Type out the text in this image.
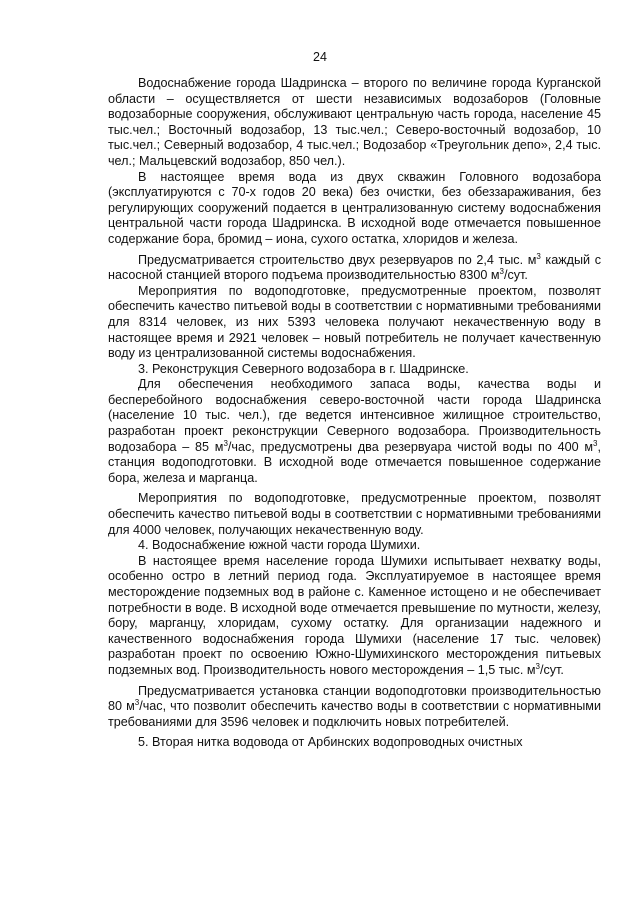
24

Водоснабжение города Шадринска – второго по величине города Курганской области – осуществляется от шести независимых водозаборов (Головные водозаборные сооружения, обслуживают центральную часть города, население 45 тыс.чел.; Восточный водозабор, 13 тыс.чел.; Северо-восточный водозабор, 10 тыс.чел.; Северный водозабор, 4 тыс.чел.; Водозабор «Треугольник депо», 2,4 тыс. чел.; Мальцевский водозабор, 850 чел.).

В настоящее время вода из двух скважин Головного водозабора (эксплуатируются с 70-х годов 20 века) без очистки, без обеззараживания, без регулирующих сооружений подается в централизованную систему водоснабжения центральной части города Шадринска. В исходной воде отмечается повышенное содержание бора, бромид – иона, сухого остатка, хлоридов и железа.

Предусматривается строительство двух резервуаров по 2,4 тыс. $м^3$ каждый с насосной станцией второго подъема производительностью 8300 $м^3$/сут.

Мероприятия по водоподготовке, предусмотренные проектом, позволят обеспечить качество питьевой воды в соответствии с нормативными требованиями для 8314 человек, из них 5393 человека получают некачественную воду в настоящее время и 2921 человек – новый потребитель не получает качественную воду из централизованной системы водоснабжения.

3. Реконструкция Северного водозабора в г. Шадринске.

Для обеспечения необходимого запаса воды, качества воды и бесперебойного водоснабжения северо-восточной части города Шадринска (население 10 тыс. чел.), где ведется интенсивное жилищное строительство, разработан проект реконструкции Северного водозабора. Производительность водозабора – 85 $м^3$/час, предусмотрены два резервуара чистой воды по 400 $м^3$, станция водоподготовки. В исходной воде отмечается повышенное содержание бора, железа и марганца.

Мероприятия по водоподготовке, предусмотренные проектом, позволят обеспечить качество питьевой воды в соответствии с нормативными требованиями для 4000 человек, получающих некачественную воду.

4. Водоснабжение южной части города Шумихи.

В настоящее время население города Шумихи испытывает нехватку воды, особенно остро в летний период года. Эксплуатируемое в настоящее время месторождение подземных вод в районе с. Каменное истощено и не обеспечивает потребности в воде. В исходной воде отмечается превышение по мутности, железу, бору, марганцу, хлоридам, сухому остатку. Для организации надежного и качественного водоснабжения города Шумихи (население 17 тыс. человек) разработан проект по освоению Южно-Шумихинского месторождения питьевых подземных вод. Производительность нового месторождения – 1,5 тыс. $м^3$/сут.

Предусматривается установка станции водоподготовки производительностью 80 $м^3$/час, что позволит обеспечить качество воды в соответствии с нормативными требованиями для 3596 человек и подключить новых потребителей.

5. Вторая нитка водовода от Арбинских водопроводных очистных
